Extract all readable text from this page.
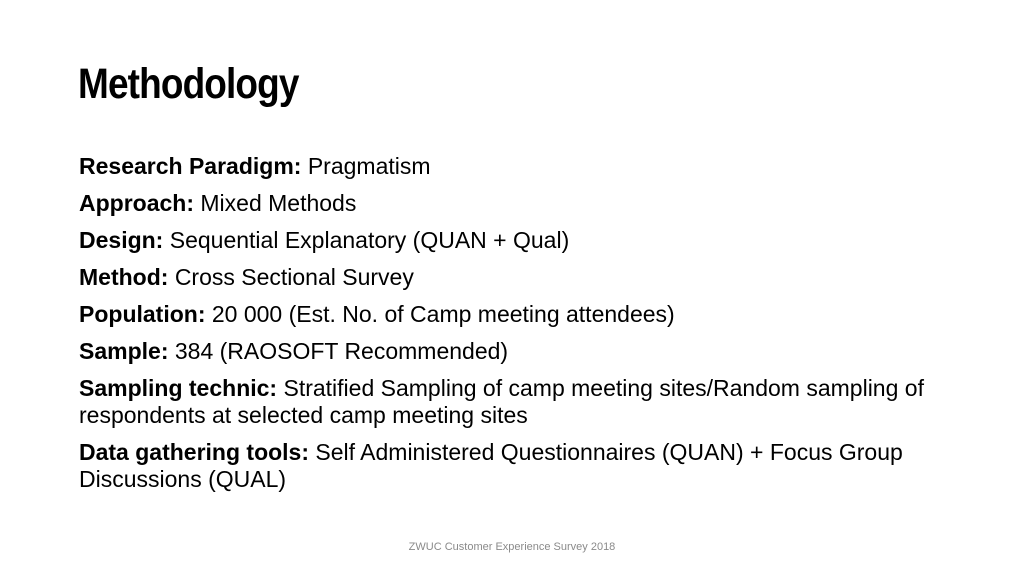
Methodology
Research Paradigm: Pragmatism
Approach: Mixed Methods
Design: Sequential Explanatory (QUAN + Qual)
Method: Cross Sectional Survey
Population: 20 000 (Est. No. of Camp meeting attendees)
Sample: 384 (RAOSOFT Recommended)
Sampling technic: Stratified Sampling of camp meeting sites/Random sampling of respondents at selected camp meeting sites
Data gathering tools: Self Administered Questionnaires (QUAN) + Focus Group Discussions (QUAL)
ZWUC Customer Experience Survey 2018
